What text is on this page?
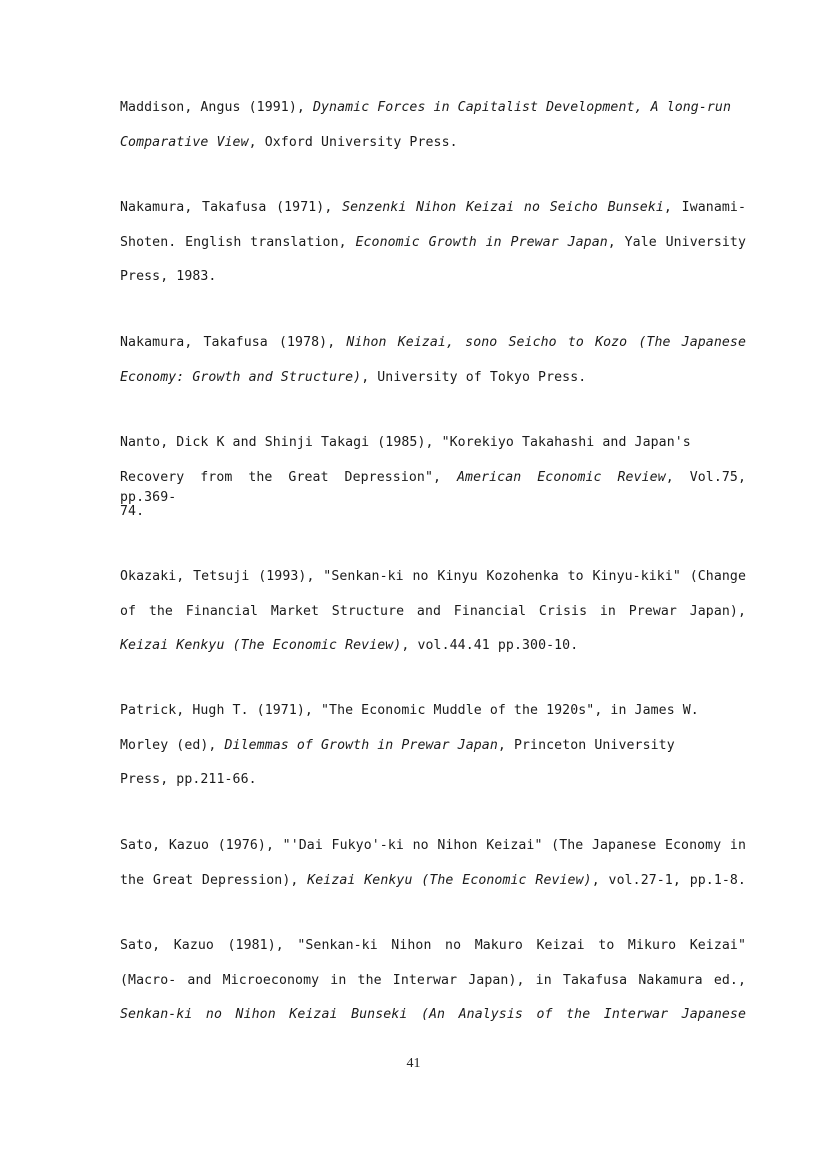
Maddison, Angus (1991), Dynamic Forces in Capitalist Development, A long-run
Comparative View, Oxford University Press.
Nakamura, Takafusa (1971), Senzenki Nihon Keizai no Seicho Bunseki, Iwanami-
Shoten. English translation, Economic Growth in Prewar Japan, Yale University
Press, 1983.
Nakamura, Takafusa (1978), Nihon Keizai, sono Seicho to Kozo (The Japanese
Economy: Growth and Structure), University of Tokyo Press.
Nanto, Dick K and Shinji Takagi (1985), "Korekiyo Takahashi and Japan's
Recovery from the Great Depression", American Economic Review, Vol.75, pp.369-
74.
Okazaki, Tetsuji (1993), "Senkan-ki no Kinyu Kozohenka to Kinyu-kiki" (Change
of the Financial Market Structure and Financial Crisis in Prewar Japan),
Keizai Kenkyu (The Economic Review), vol.44.41 pp.300-10.
Patrick, Hugh T. (1971), "The Economic Muddle of the 1920s", in James W.
Morley (ed), Dilemmas of Growth in Prewar Japan, Princeton University
Press, pp.211-66.
Sato, Kazuo (1976), "'Dai Fukyo'-ki no Nihon Keizai" (The Japanese Economy in
the Great Depression), Keizai Kenkyu (The Economic Review), vol.27-1, pp.1-8.
Sato, Kazuo (1981), "Senkan-ki Nihon no Makuro Keizai to Mikuro Keizai"
(Macro- and Microeconomy in the Interwar Japan), in Takafusa Nakamura ed.,
Senkan-ki no Nihon Keizai Bunseki (An Analysis of the Interwar Japanese
41
